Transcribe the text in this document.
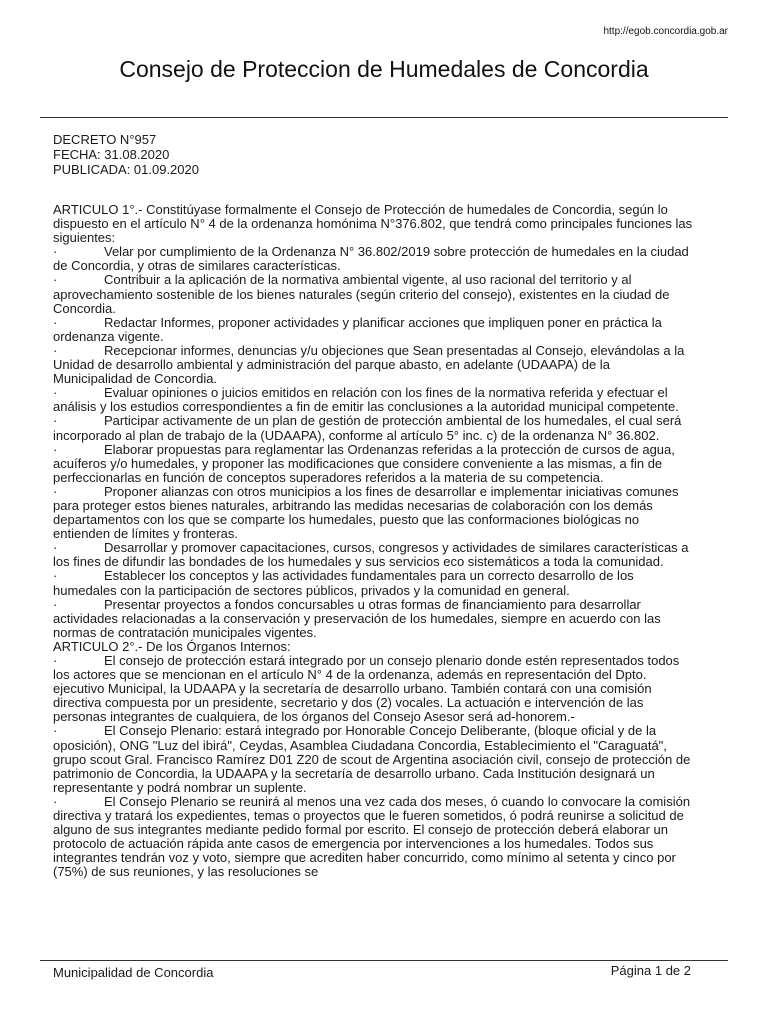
http://egob.concordia.gob.ar
Consejo de Proteccion de Humedales de Concordia
DECRETO N°957
FECHA: 31.08.2020
PUBLICADA: 01.09.2020

ARTICULO 1°.- Constitúyase formalmente el Consejo de Protección de humedales de Concordia, según lo dispuesto en el artículo N° 4 de la ordenanza homónima N°376.802, que tendrá como principales funciones las siguientes:

·	Velar por cumplimiento de la Ordenanza N° 36.802/2019 sobre protección de humedales en la ciudad de Concordia, y otras de similares características.

·	Contribuir a la aplicación de la normativa ambiental vigente, al uso racional del territorio y al aprovechamiento sostenible de los bienes naturales (según criterio del consejo), existentes en la ciudad de Concordia.

·	Redactar Informes, proponer actividades y planificar acciones que impliquen poner en práctica la ordenanza vigente.

·	Recepcionar informes, denuncias y/u objeciones que Sean presentadas al Consejo, elevándolas a la Unidad de desarrollo ambiental y administración del parque abasto, en adelante (UDAAPA) de la Municipalidad de Concordia.

·	Evaluar opiniones o juicios emitidos en relación con los fines de la normativa referida y efectuar el análisis y los estudios correspondientes a fin de emitir las conclusiones a la autoridad municipal competente.

·	Participar activamente de un plan de gestión de protección ambiental de los humedales, el cual será incorporado al plan de trabajo de la (UDAAPA), conforme al artículo 5° inc. c) de la ordenanza N° 36.802.

·	Elaborar propuestas para reglamentar las Ordenanzas referidas a la protección de cursos de agua, acuíferos y/o humedales, y proponer las modificaciones que considere conveniente a las mismas, a fin de perfeccionarlas en función de conceptos superadores referidos a la materia de su competencia.

·	Proponer alianzas con otros municipios a los fines de desarrollar e implementar iniciativas comunes para proteger estos bienes naturales, arbitrando las medidas necesarias de colaboración con los demás departamentos con los que se comparte los humedales, puesto que las conformaciones biológicas no entienden de límites y fronteras.

·	Desarrollar y promover capacitaciones, cursos, congresos y actividades de similares características a los fines de difundir las bondades de los humedales y sus servicios eco sistemáticos a toda la comunidad.

·	Establecer los conceptos y las actividades fundamentales para un correcto desarrollo de los humedales con la participación de sectores públicos, privados y la comunidad en general.

·	Presentar proyectos a fondos concursables u otras formas de financiamiento para desarrollar actividades relacionadas a la conservación y preservación de los humedales, siempre en acuerdo con las normas de contratación municipales vigentes.

ARTICULO 2°.- De los Órganos Internos:

·	El consejo de protección estará integrado por un consejo plenario donde estén representados todos los actores que se mencionan en el artículo N° 4 de la ordenanza, además en representación del Dpto. ejecutivo Municipal, la UDAAPA y la secretaría de desarrollo urbano. También contará con una comisión directiva compuesta por un presidente, secretario y dos (2) vocales. La actuación e intervención de las personas integrantes de cualquiera, de los órganos del Consejo Asesor será ad-honorem.-

·	El Consejo Plenario: estará integrado por Honorable Concejo Deliberante, (bloque oficial y de la oposición), ONG "Luz del ibirá", Ceydas, Asamblea Ciudadana Concordia, Establecimiento el "Caraguatá", grupo scout Gral. Francisco Ramírez D01 Z20 de scout de Argentina asociación civil, consejo de protección de patrimonio de Concordia, la UDAAPA y la secretaría de desarrollo urbano. Cada Institución designará un representante y podrá nombrar un suplente.

·	El Consejo Plenario se reunirá al menos una vez cada dos meses, ó cuando lo convocare la comisión directiva y tratará los expedientes, temas o proyectos que le fueren sometidos, ó podrá reunirse a solicitud de alguno de sus integrantes mediante pedido formal por escrito. El consejo de protección deberá elaborar un protocolo de actuación rápida ante casos de emergencia por intervenciones a los humedales. Todos sus integrantes tendrán voz y voto, siempre que acrediten haber concurrido, como mínimo al setenta y cinco por (75%) de sus reuniones, y las resoluciones se

Municipalidad de Concordia	Página 1 de 2
